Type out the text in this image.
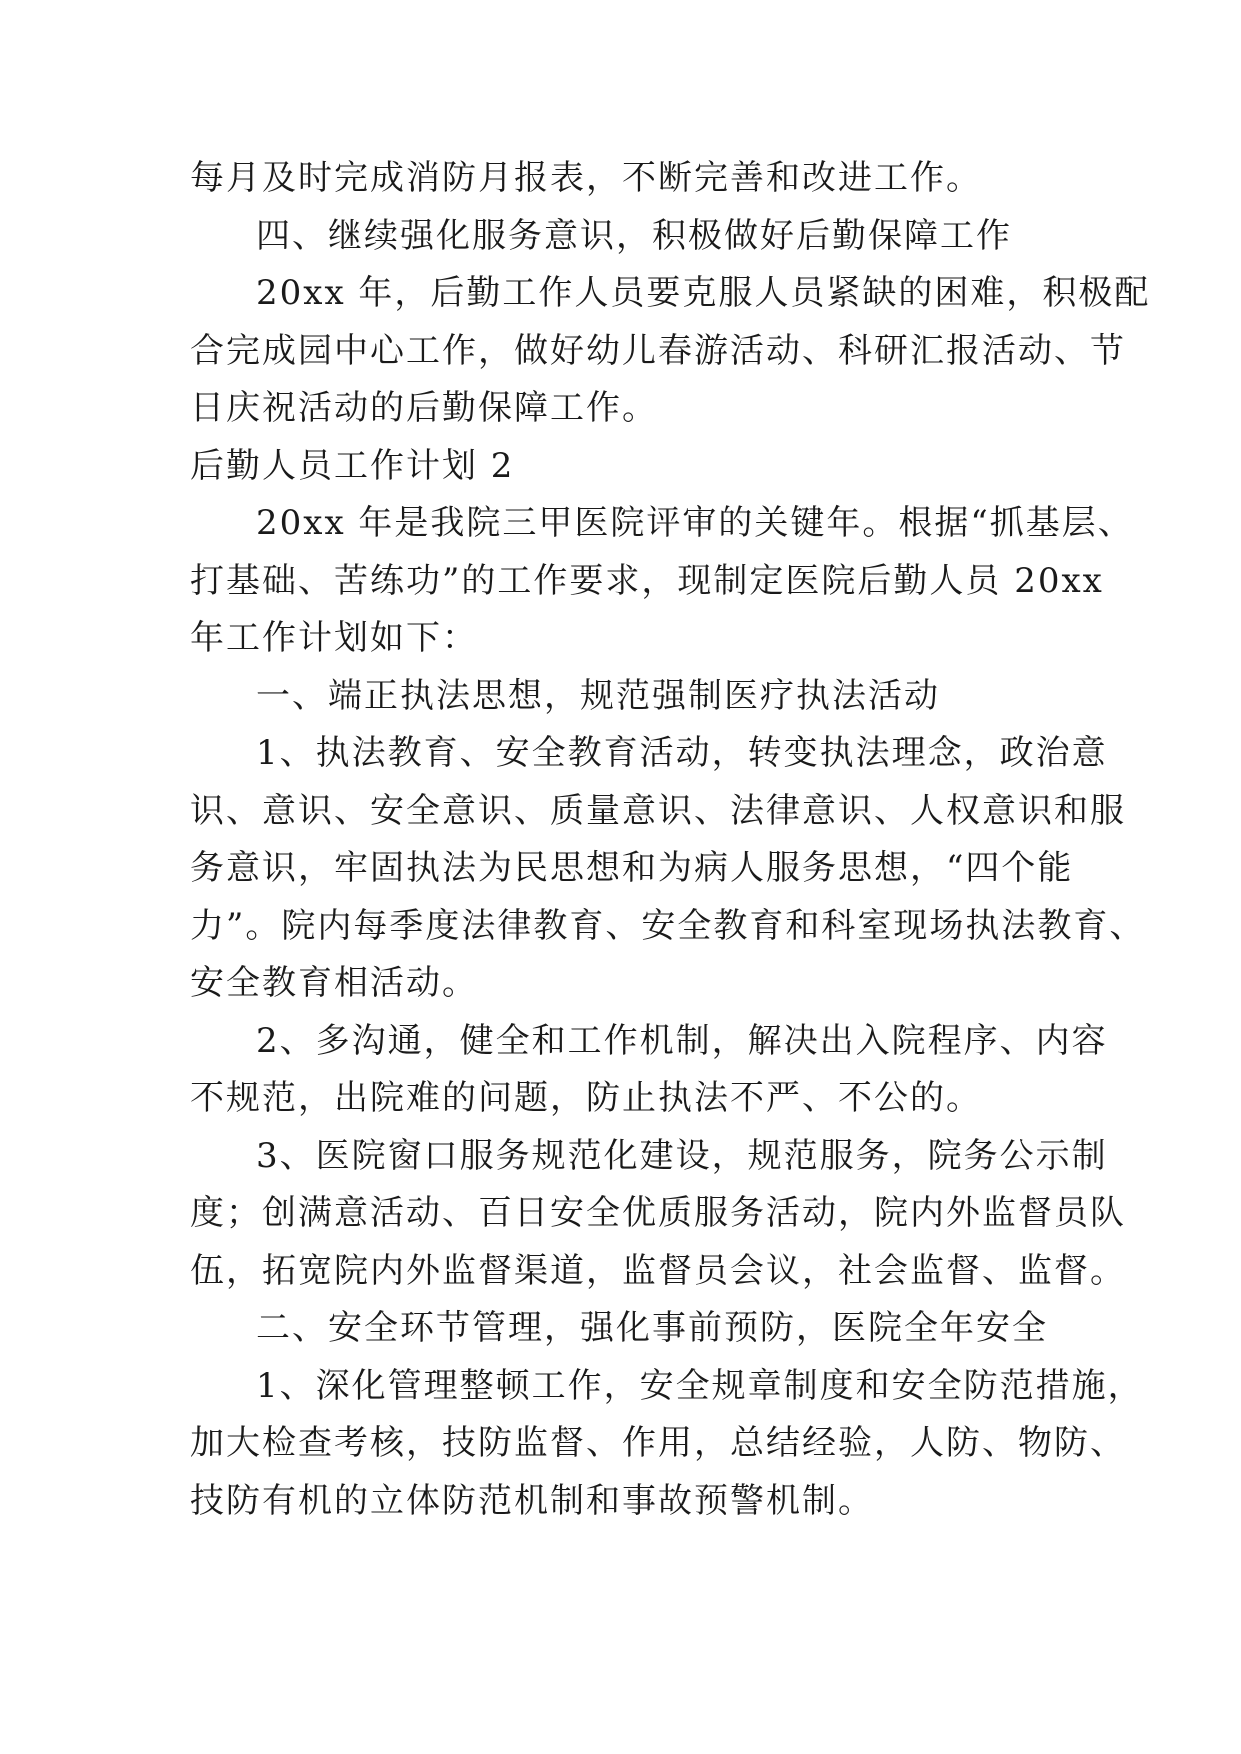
每月及时完成消防月报表，不断完善和改进工作。
四、继续强化服务意识，积极做好后勤保障工作
20xx 年，后勤工作人员要克服人员紧缺的困难，积极配
合完成园中心工作，做好幼儿春游活动、科研汇报活动、节
日庆祝活动的后勤保障工作。
后勤人员工作计划 2
20xx 年是我院三甲医院评审的关键年。根据“抓基层、
打基础、苦练功”的工作要求，现制定医院后勤人员 20xx
年工作计划如下：
一、端正执法思想，规范强制医疗执法活动
1、执法教育、安全教育活动，转变执法理念，政治意
识、意识、安全意识、质量意识、法律意识、人权意识和服
务意识，牢固执法为民思想和为病人服务思想，“四个能
力”。院内每季度法律教育、安全教育和科室现场执法教育、
安全教育相活动。
2、多沟通，健全和工作机制，解决出入院程序、内容
不规范，出院难的问题，防止执法不严、不公的。
3、医院窗口服务规范化建设，规范服务，院务公示制
度；创满意活动、百日安全优质服务活动，院内外监督员队
伍，拓宽院内外监督渠道，监督员会议，社会监督、监督。
二、安全环节管理，强化事前预防，医院全年安全
1、深化管理整顿工作，安全规章制度和安全防范措施，
加大检查考核，技防监督、作用，总结经验，人防、物防、
技防有机的立体防范机制和事故预警机制。
